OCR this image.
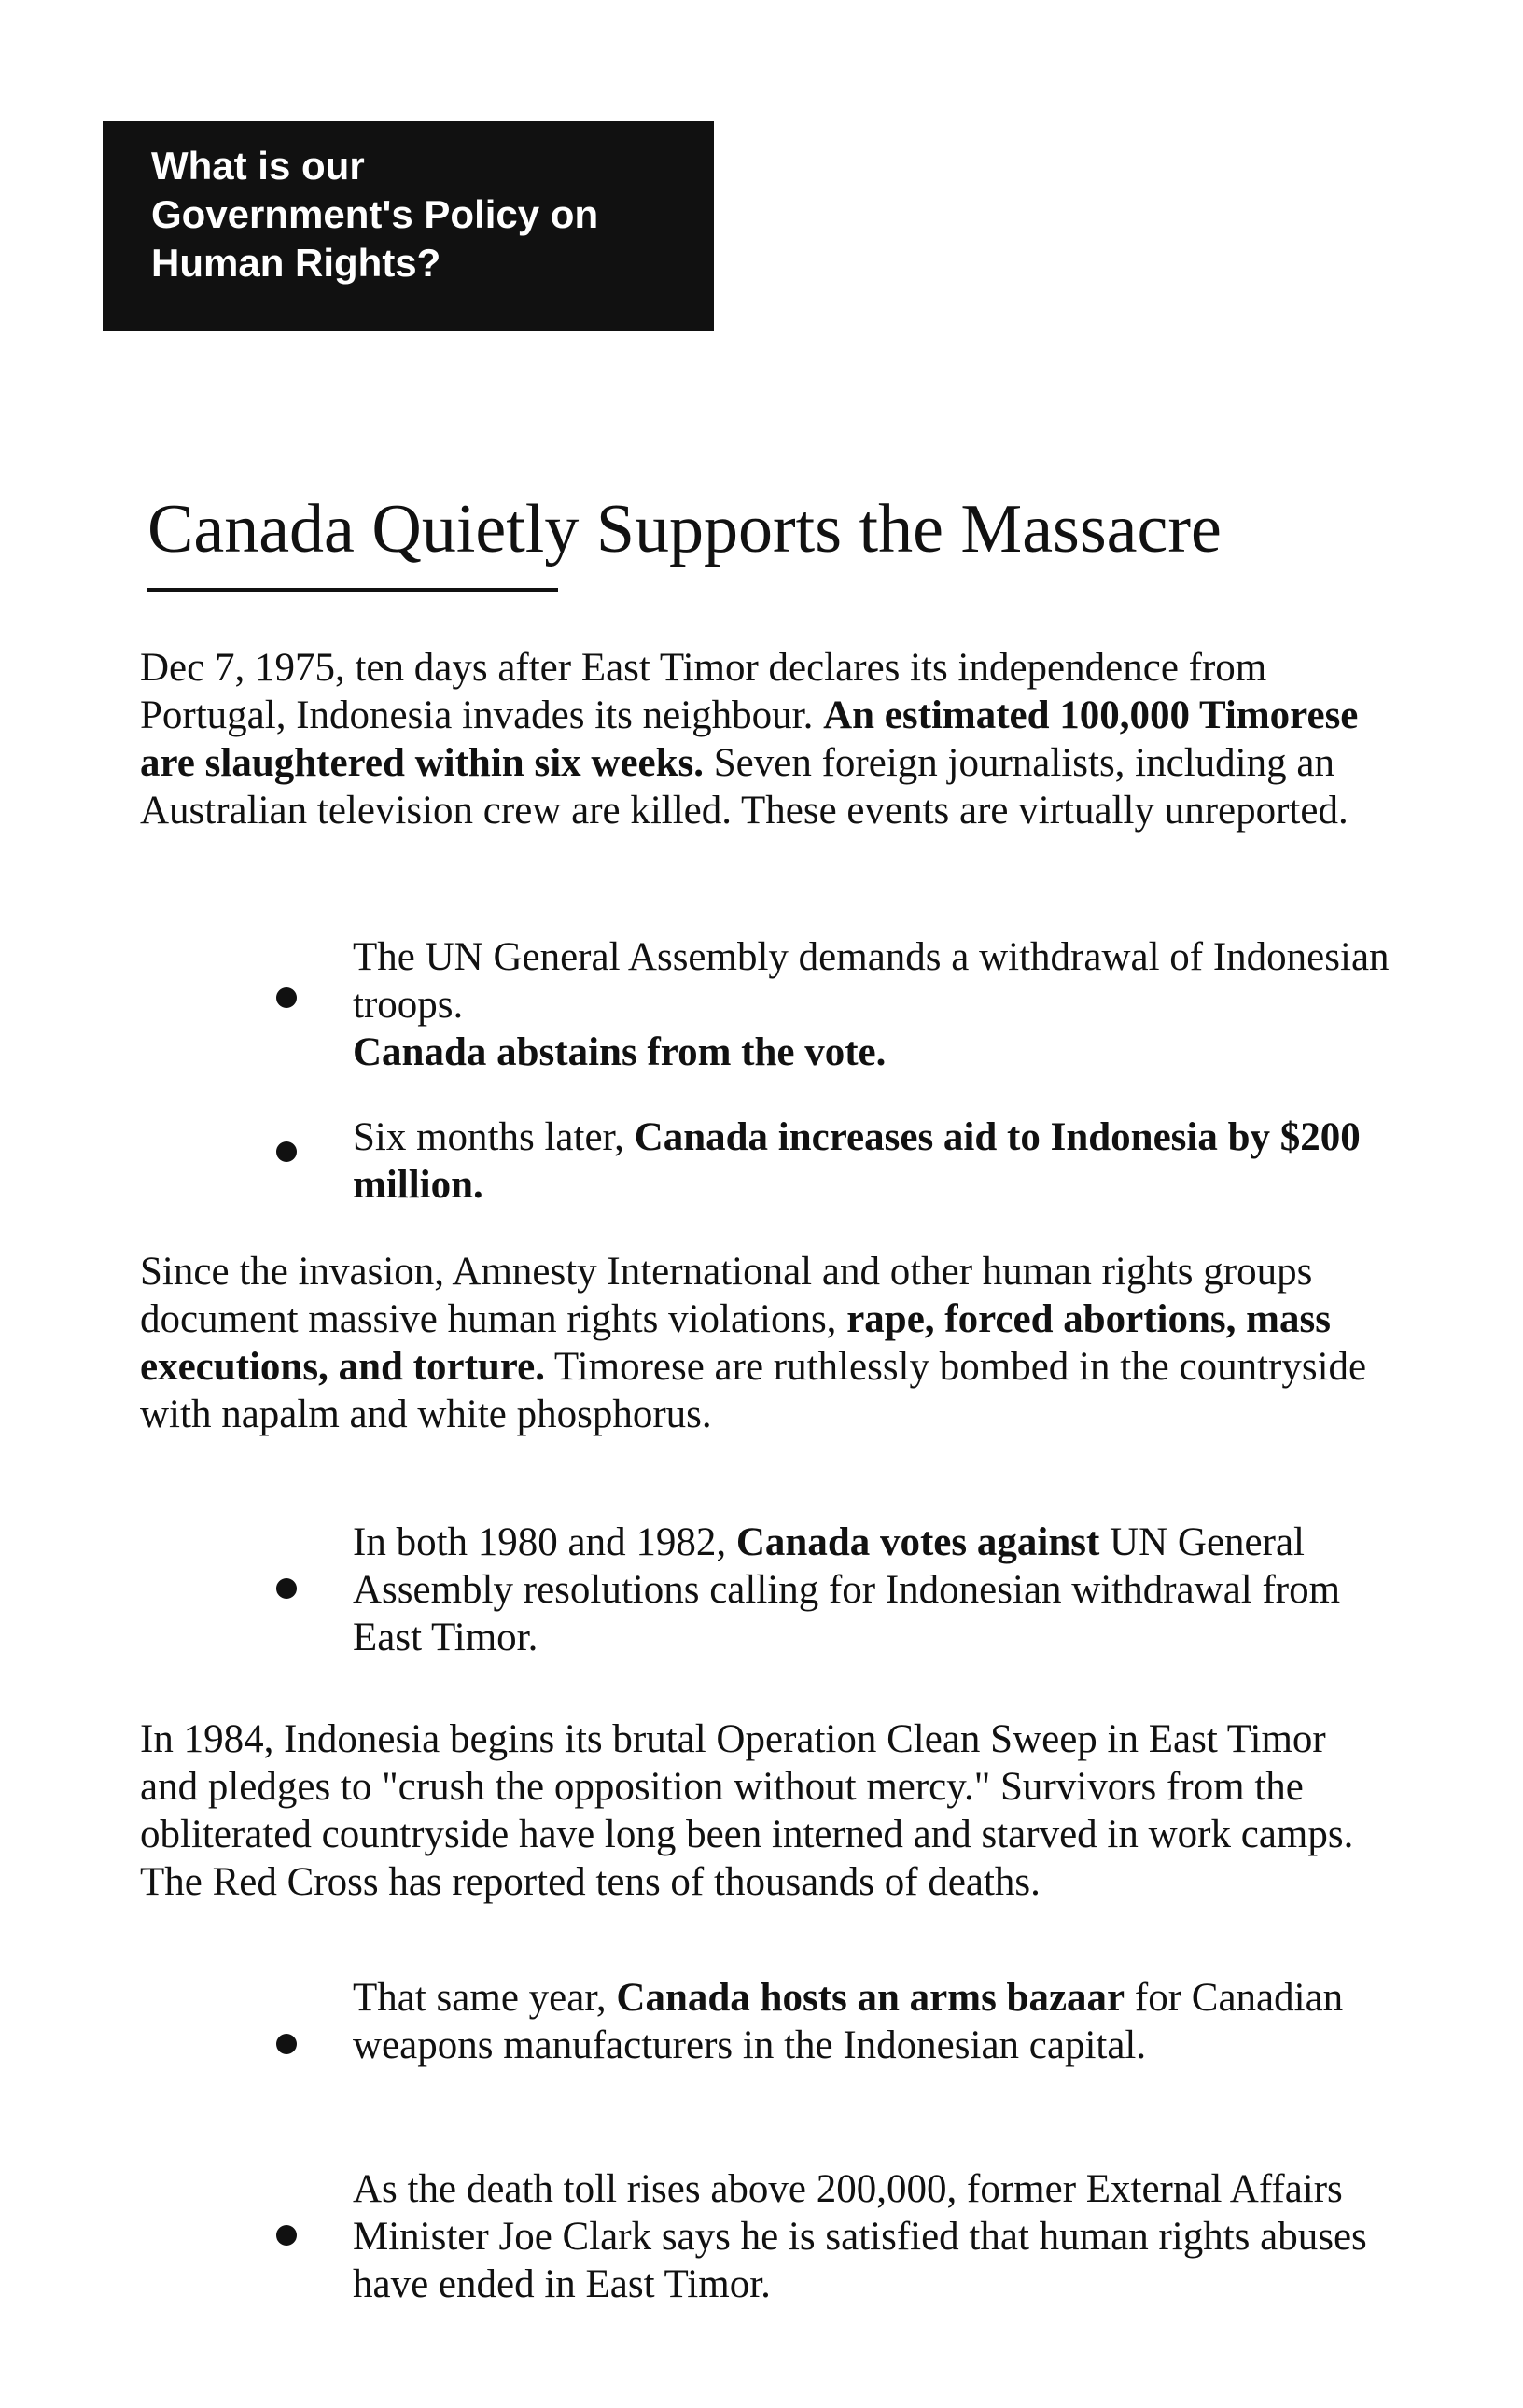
What is our
Government's Policy on
Human Rights?
Canada Quietly Supports the Massacre

Dec 7, 1975, ten days after East Timor declares its independence from Portugal, Indonesia invades its neighbour. An estimated 100,000 Timorese are slaughtered within six weeks. Seven foreign journalists, including an Australian television crew are killed. These events are virtually unreported.

The UN General Assembly demands a withdrawal of Indonesian troops.
Canada abstains from the vote.

Six months later, Canada increases aid to Indonesia by $200 million.

Since the invasion, Amnesty International and other human rights groups document massive human rights violations, rape, forced abortions, mass executions, and torture. Timorese are ruthlessly bombed in the countryside with napalm and white phosphorus.

In both 1980 and 1982, Canada votes against UN General Assembly resolutions calling for Indonesian withdrawal from East Timor.

In 1984, Indonesia begins its brutal Operation Clean Sweep in East Timor and pledges to "crush the opposition without mercy." Survivors from the obliterated countryside have long been interned and starved in work camps. The Red Cross has reported tens of thousands of deaths.

That same year, Canada hosts an arms bazaar for Canadian weapons manufacturers in the Indonesian capital.

As the death toll rises above 200,000, former External Affairs Minister Joe Clark says he is satisfied that human rights abuses have ended in East Timor.
